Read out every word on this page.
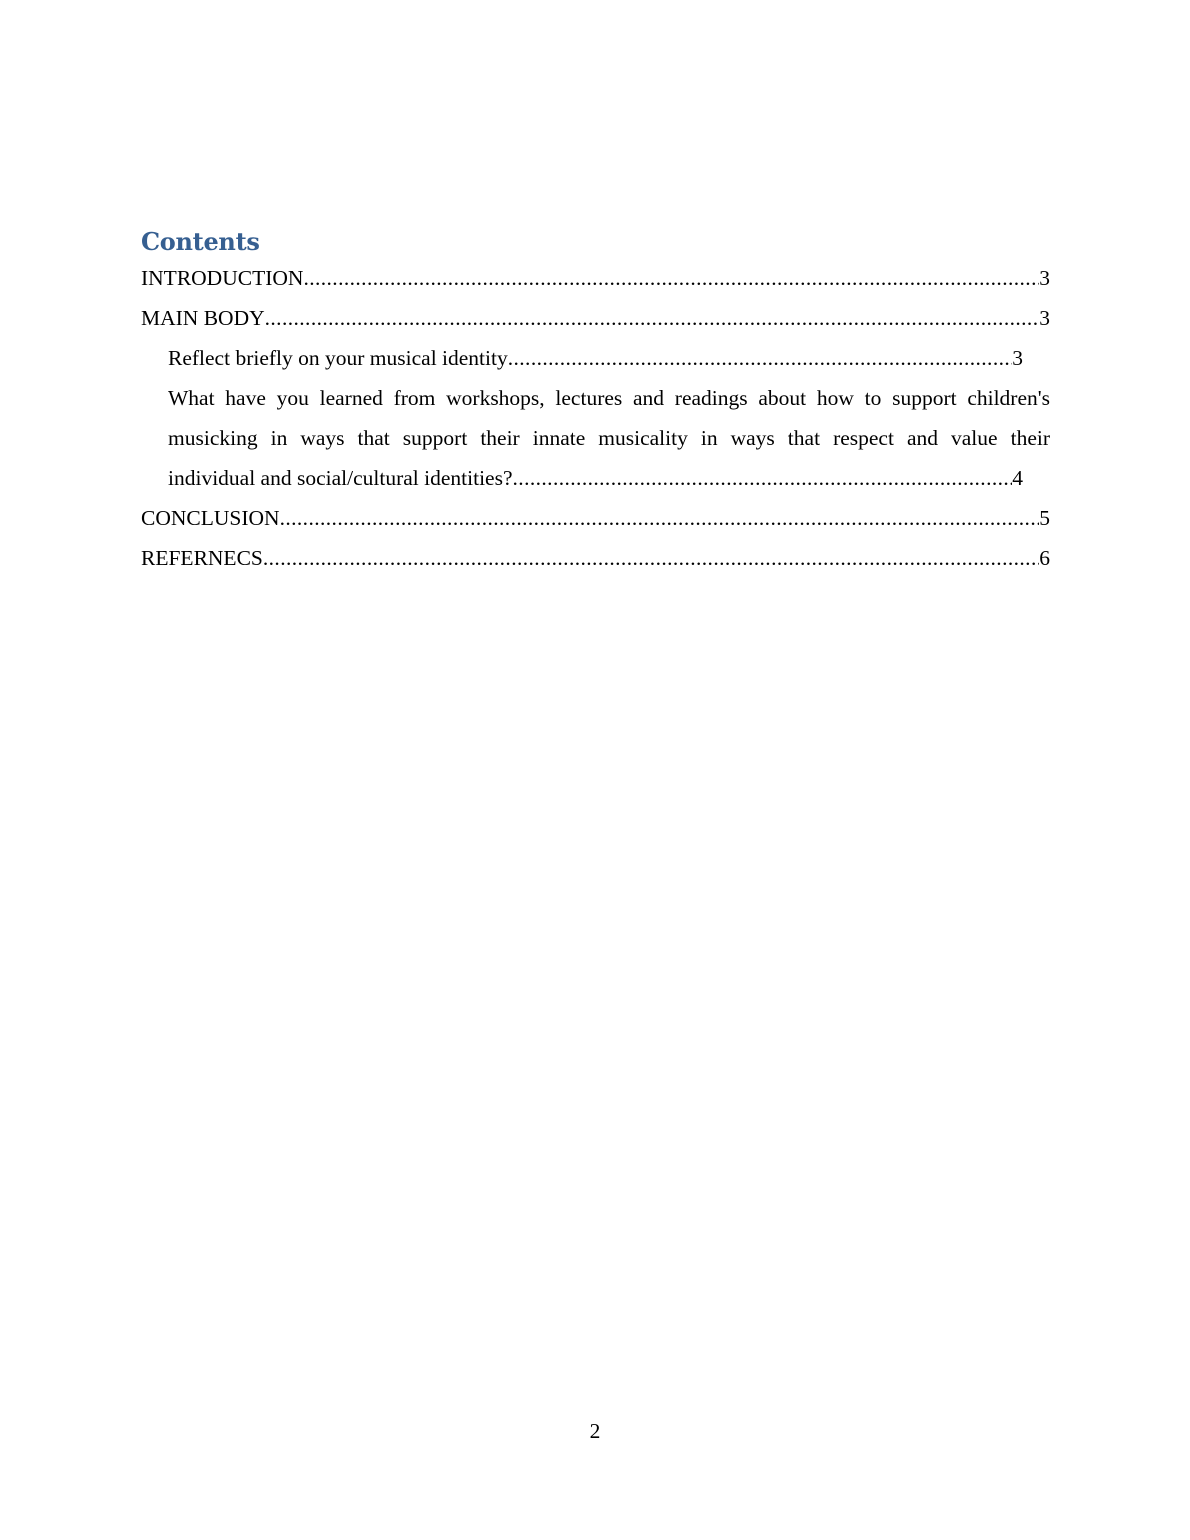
Contents
INTRODUCTION .....	3
MAIN BODY .....	3
Reflect briefly on your musical identity .....	3
What have you learned from workshops, lectures and readings about how to support children's
musicking in ways that support their innate musicality in ways that respect and value their
individual and social/cultural identities? .....	4
CONCLUSION .....	5
REFERNECS .....	6
2
